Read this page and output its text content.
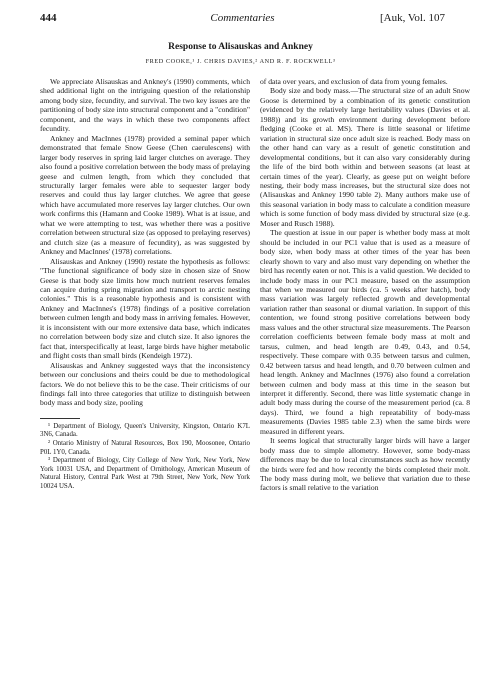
444	Commentaries	[Auk, Vol. 107
Response to Alisauskas and Ankney
FRED COOKE,¹ J. CHRIS DAVIES,² AND R. F. ROCKWELL³

We appreciate Alisauskas and Ankney's (1990) comments, which shed additional light on the intriguing question of the relationship among body size, fecundity, and survival. The two key issues are the partitioning of body size into structural component and a "condition" component, and the ways in which these two components affect fecundity.

Ankney and MacInnes (1978) provided a seminal paper which demonstrated that female Snow Geese (Chen caerulescens) with larger body reserves in spring laid larger clutches on average. They also found a positive correlation between the body mass of prelaying geese and culmen length, from which they concluded that structurally larger females were able to sequester larger body reserves and could thus lay larger clutches. We agree that geese which have accumulated more reserves lay larger clutches. Our own work confirms this (Hamann and Cooke 1989). What is at issue, and what we were attempting to test, was whether there was a positive correlation between structural size (as opposed to prelaying reserves) and clutch size (as a measure of fecundity), as was suggested by Ankney and MacInnes' (1978) correlations.

Alisauskas and Ankney (1990) restate the hypothesis as follows: "The functional significance of body size in chosen size of Snow Geese is that body size limits how much nutrient reserves females can acquire during spring migration and transport to arctic nesting colonies." This is a reasonable hypothesis and is consistent with Ankney and MacInnes's (1978) findings of a positive correlation between culmen length and body mass in arriving females. However, it is inconsistent with our more extensive data base, which indicates no correlation between body size and clutch size. It also ignores the fact that, interspecifically at least, large birds have higher metabolic and flight costs than small birds (Kendeigh 1972).

Alisauskas and Ankney suggested ways that the inconsistency between our conclusions and theirs could be due to methodological factors. We do not believe this to be the case. Their criticisms of our findings fall into three categories that utilize to distinguish between body mass and body size, pooling

¹ Department of Biology, Queen's University, Kingston, Ontario K7L 3N6, Canada.

² Ontario Ministry of Natural Resources, Box 190, Moosonee, Ontario P0L 1Y0, Canada.

³ Department of Biology, City College of New York, New York, New York 10031 USA, and Department of Ornithology, American Museum of Natural History, Central Park West at 79th Street, New York, New York 10024 USA.

of data over years, and exclusion of data from young females.

Body size and body mass.—The structural size of an adult Snow Goose is determined by a combination of its genetic constitution (evidenced by the relatively large heritability values (Davies et al. 1988)) and its growth environment during development before fledging (Cooke et al. MS). There is little seasonal or lifetime variation in structural size once adult size is reached. Body mass on the other hand can vary as a result of genetic constitution and developmental conditions, but it can also vary considerably during the life of the bird both within and between seasons (at least at certain times of the year). Clearly, as geese put on weight before nesting, their body mass increases, but the structural size does not (Alisauskas and Ankney 1990 table 2). Many authors make use of this seasonal variation in body mass to calculate a condition measure which is some function of body mass divided by structural size (e.g. Moser and Rusch 1988).

The question at issue in our paper is whether body mass at molt should be included in our PC1 value that is used as a measure of body size, when body mass at other times of the year has been clearly shown to vary and also must vary depending on whether the bird has recently eaten or not. This is a valid question. We decided to include body mass in our PC1 measure, based on the assumption that when we measured our birds (ca. 5 weeks after hatch), body mass variation was largely reflected growth and developmental variation rather than seasonal or diurnal variation. In support of this contention, we found strong positive correlations between body mass values and the other structural size measurements. The Pearson correlation coefficients between female body mass at molt and tarsus, culmen, and head length are 0.49, 0.43, and 0.54, respectively. These compare with 0.35 between tarsus and culmen, 0.42 between tarsus and head length, and 0.70 between culmen and head length. Ankney and MacInnes (1976) also found a correlation between culmen and body mass at this time in the season but interpret it differently. Second, there was little systematic change in adult body mass during the course of the measurement period (ca. 8 days). Third, we found a high repeatability of body-mass measurements (Davies 1985 table 2.3) when the same birds were measured in different years.

It seems logical that structurally larger birds will have a larger body mass due to simple allometry. However, some body-mass differences may be due to local circumstances such as how recently the birds were fed and how recently the birds completed their molt. The body mass during molt, we believe that variation due to these factors is small relative to the variation
